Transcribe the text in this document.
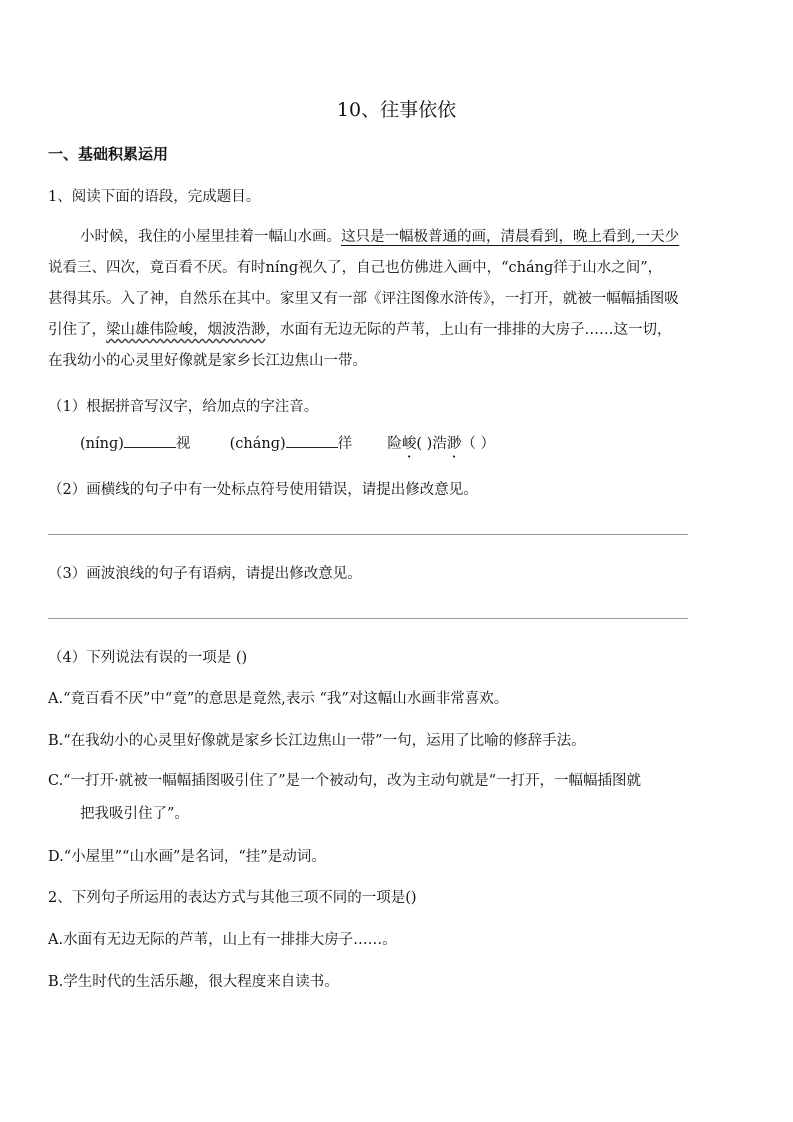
10、往事依依
一、基础积累运用
1、阅读下面的语段，完成题目。
小时候，我住的小屋里挂着一幅山水画。这只是一幅极普通的画，清晨看到，晚上看到,一天少
说看三、四次，竟百看不厌。有时nínɡ视久了，自己也仿佛进入画中，“chánɡ徉于山水之间”，
甚得其乐。入了神，自然乐在其中。家里又有一部《评注图像水浒传》，一打开，就被一幅幅插图吸
引住了，梁山雄伟险峻，烟波浩渺，水面有无边无际的芦苇，上山有一排排的大房子……这一切，
在我幼小的心灵里好像就是家乡长江边焦山一带。
（1）根据拼音写汉字，给加点的字注音。
(nínɡ)	视	(chánɡ)	徉 险峻( )浩渺（ ）
（2）画横线的句子中有一处标点符号使用错误，请提出修改意见。
（3）画波浪线的句子有语病，请提出修改意见。
（4）下列说法有误的一项是 ()
A.“竟百看不厌”中“竟”的意思是竟然,表示 “我”对这幅山水画非常喜欢。
B.“在我幼小的心灵里好像就是家乡长江边焦山一带”一句，运用了比喻的修辞手法。
C.“一打开·就被一幅幅插图吸引住了”是一个被动句，改为主动句就是“一打开，一幅幅插图就
把我吸引住了”。
D.“小屋里”“山水画”是名词，“挂”是动词。
2、下列句子所运用的表达方式与其他三项不同的一项是()
A.水面有无边无际的芦苇，山上有一排排大房子……。
B.学生时代的生活乐趣，很大程度来自读书。
